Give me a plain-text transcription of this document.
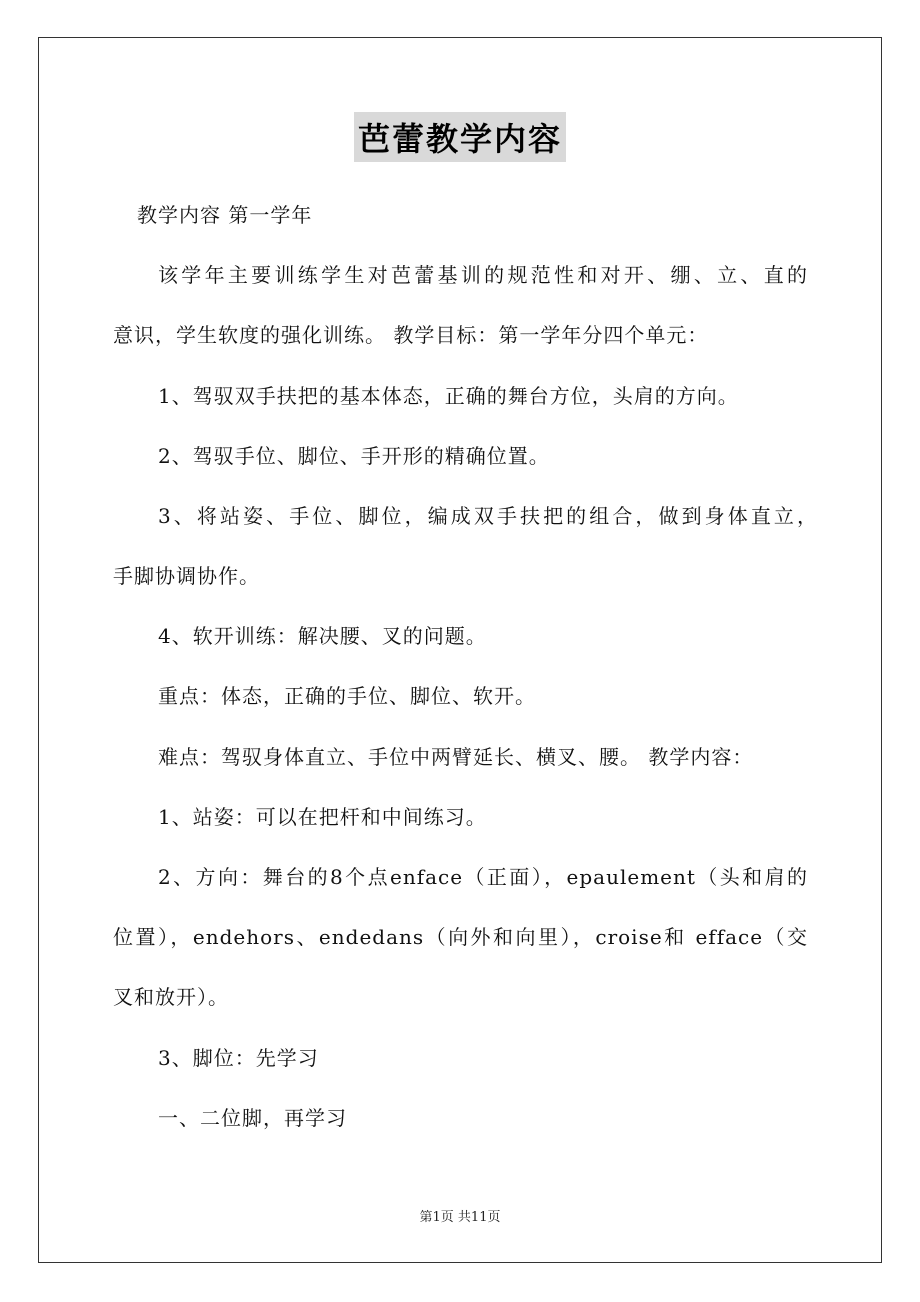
芭蕾教学内容
教学内容 第一学年
该学年主要训练学生对芭蕾基训的规范性和对开、绷、立、直的
意识，学生软度的强化训练。 教学目标：第一学年分四个单元：
1、驾驭双手扶把的基本体态，正确的舞台方位，头肩的方向。
2、驾驭手位、脚位、手开形的精确位置。
3、将站姿、手位、脚位，编成双手扶把的组合，做到身体直立，
手脚协调协作。
4、软开训练：解决腰、叉的问题。
重点：体态，正确的手位、脚位、软开。
难点：驾驭身体直立、手位中两臂延长、横叉、腰。 教学内容：
1、站姿：可以在把杆和中间练习。
2、方向：舞台的8个点enface（正面），epaulement（头和肩的
位置），endehors、endedans（向外和向里），croise和 efface（交
叉和放开）。
3、脚位：先学习
一、二位脚，再学习
第1页 共11页
